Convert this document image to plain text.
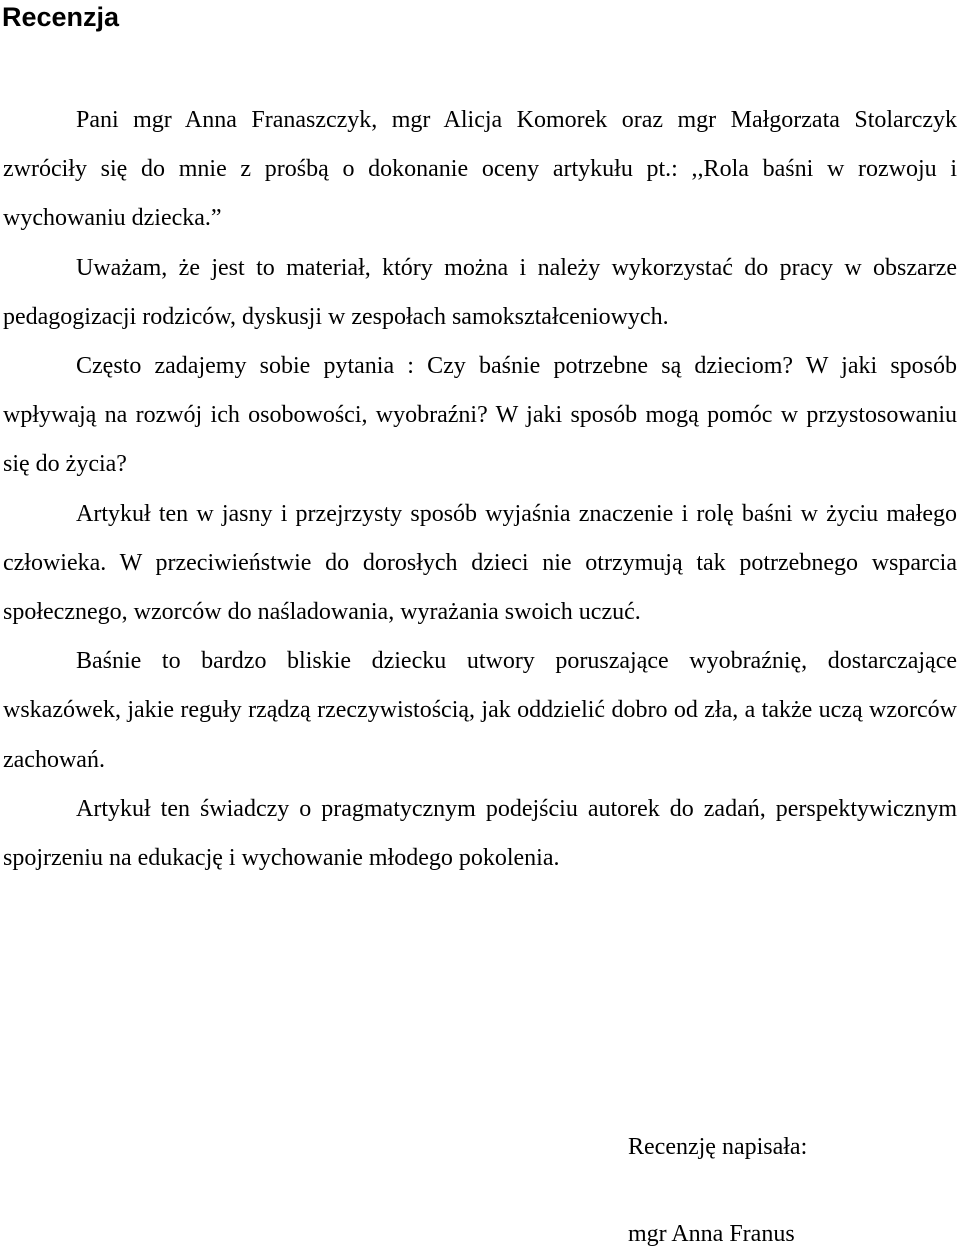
Recenzja

Pani mgr Anna Franaszczyk, mgr Alicja Komorek oraz mgr Małgorzata Stolarczyk zwróciły się do mnie z prośbą o dokonanie oceny artykułu pt.: ,,Rola baśni w rozwoju i wychowaniu dziecka.”

Uważam, że jest to materiał, który można i należy wykorzystać do pracy w obszarze pedagogizacji rodziców, dyskusji w zespołach samokształceniowych.

Często zadajemy sobie pytania : Czy baśnie potrzebne są dzieciom? W jaki sposób wpływają na rozwój ich osobowości, wyobraźni? W jaki sposób mogą pomóc w przystosowaniu się do życia?

Artykuł ten w jasny i przejrzysty sposób wyjaśnia znaczenie i rolę baśni w życiu małego człowieka. W przeciwieństwie do dorosłych dzieci nie otrzymują tak potrzebnego wsparcia społecznego, wzorców do naśladowania, wyrażania swoich uczuć.

Baśnie to bardzo bliskie dziecku utwory poruszające wyobraźnię, dostarczające wskazówek, jakie reguły rządzą rzeczywistością, jak oddzielić dobro od zła, a także uczą wzorców zachowań.

Artykuł ten świadczy o pragmatycznym podejściu autorek do zadań, perspektywicznym spojrzeniu na edukację i wychowanie młodego pokolenia.

Recenzję napisała:
mgr Anna Franus
